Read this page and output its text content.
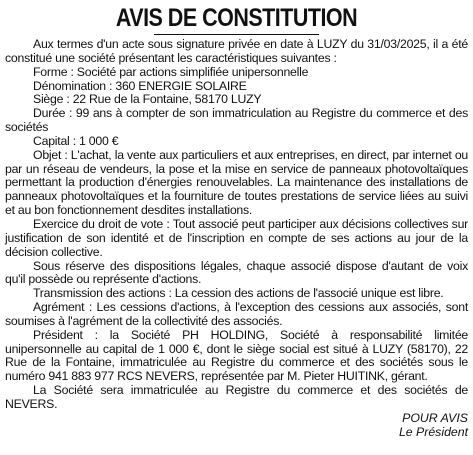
AVIS DE CONSTITUTION

Aux termes d'un acte sous signature privée en date à LUZY du 31/03/2025, il a été constitué une société présentant les caractéristiques suivantes :

Forme : Société par actions simplifiée unipersonnelle

Dénomination : 360 ENERGIE SOLAIRE

Siège : 22 Rue de la Fontaine, 58170 LUZY

Durée : 99 ans à compter de son immatriculation au Registre du commerce et des sociétés

Capital : 1 000 €

Objet : L'achat, la vente aux particuliers et aux entreprises, en direct, par internet ou par un réseau de vendeurs, la pose et la mise en service de panneaux photovoltaïques permettant la production d'énergies renouvelables. La maintenance des installations de panneaux photovoltaïques et la fourniture de toutes prestations de service liées au suivi et au bon fonctionnement desdites installations.

Exercice du droit de vote : Tout associé peut participer aux décisions collectives sur justification de son identité et de l'inscription en compte de ses actions au jour de la décision collective.

Sous réserve des dispositions légales, chaque associé dispose d'autant de voix qu'il possède ou représente d'actions.

Transmission des actions : La cession des actions de l'associé unique est libre.

Agrément : Les cessions d'actions, à l'exception des cessions aux associés, sont soumises à l'agrément de la collectivité des associés.

Président : la Société PH HOLDING, Société à responsabilité limitée unipersonnelle au capital de 1 000 €, dont le siège social est situé à LUZY (58170), 22 Rue de la Fontaine, immatriculée au Registre du commerce et des sociétés sous le numéro 941 883 977 RCS NEVERS, représentée par M. Pieter HUITINK, gérant.

La Société sera immatriculée au Registre du commerce et des sociétés de NEVERS.

POUR AVIS

Le Président
